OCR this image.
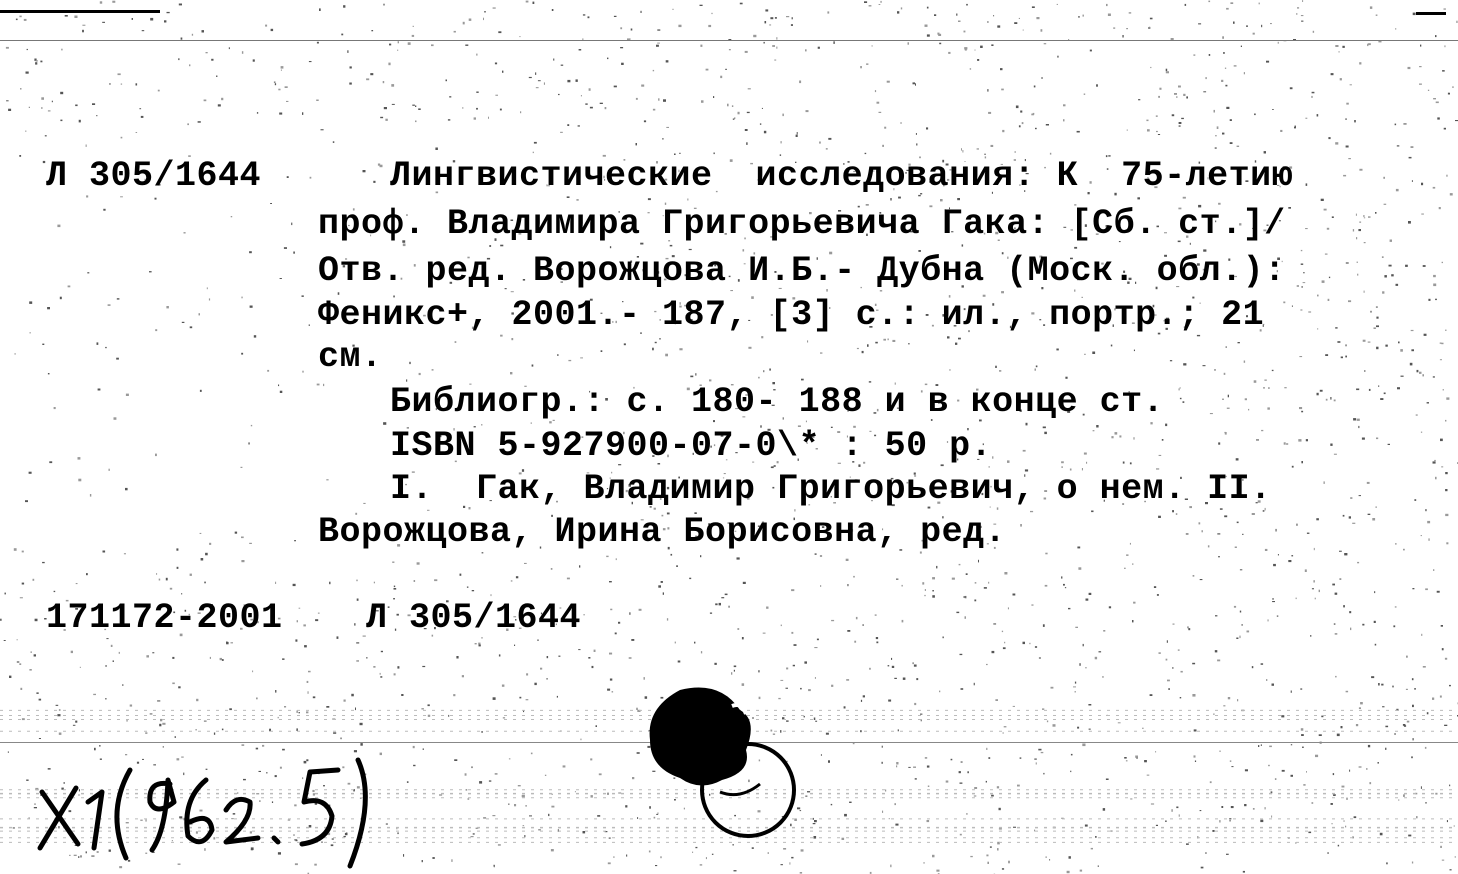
Л 305/1644	Лингвистические  исследования: К  75-летию
проф. Владимира Григорьевича Гака: [Сб. ст.]/
Отв. ред. Ворожцова И.Б.- Дубна (Моск. обл.):
Феникс+, 2001.- 187, [3] с.: ил., портр.; 21
см.
Библиогр.: с. 180- 188 и в конце ст.
ISBN 5-927900-07-0\* : 50 р.
I.  Гак, Владимир Григорьевич, о нем. II.
Ворожцова, Ирина Борисовна, ред.
171172-2001 Л 305/1644
